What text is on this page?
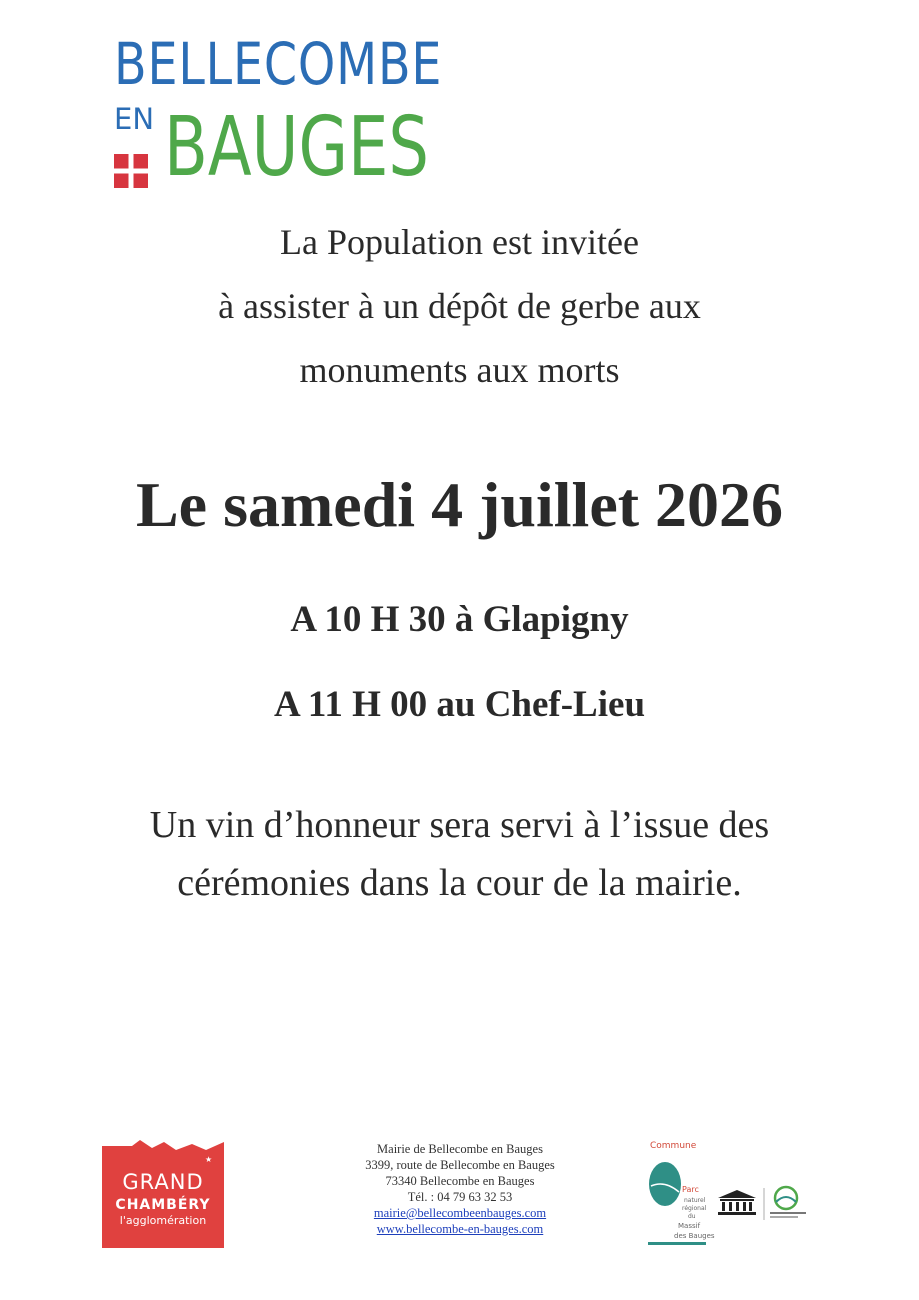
BELLECOMBE
EN BAUGES
La Population est invitée
à assister à un dépôt de gerbe aux
monuments aux morts
Le samedi 4 juillet 2026
A 10 H 30 à Glapigny
A 11 H 00 au Chef-Lieu
Un vin d’honneur sera servi à l’issue des
cérémonies dans la cour de la mairie.
★
GRAND
CHAMBÉRY
l'agglomération
Mairie de Bellecombe en Bauges
3399, route de Bellecombe en Bauges
73340 Bellecombe en Bauges
Tél. : 04 79 63 32 53
mairie@bellecombeenbauges.com
www.bellecombe-en-bauges.com
Commune
Parc
naturel
régional
du
Massif
des Bauges
